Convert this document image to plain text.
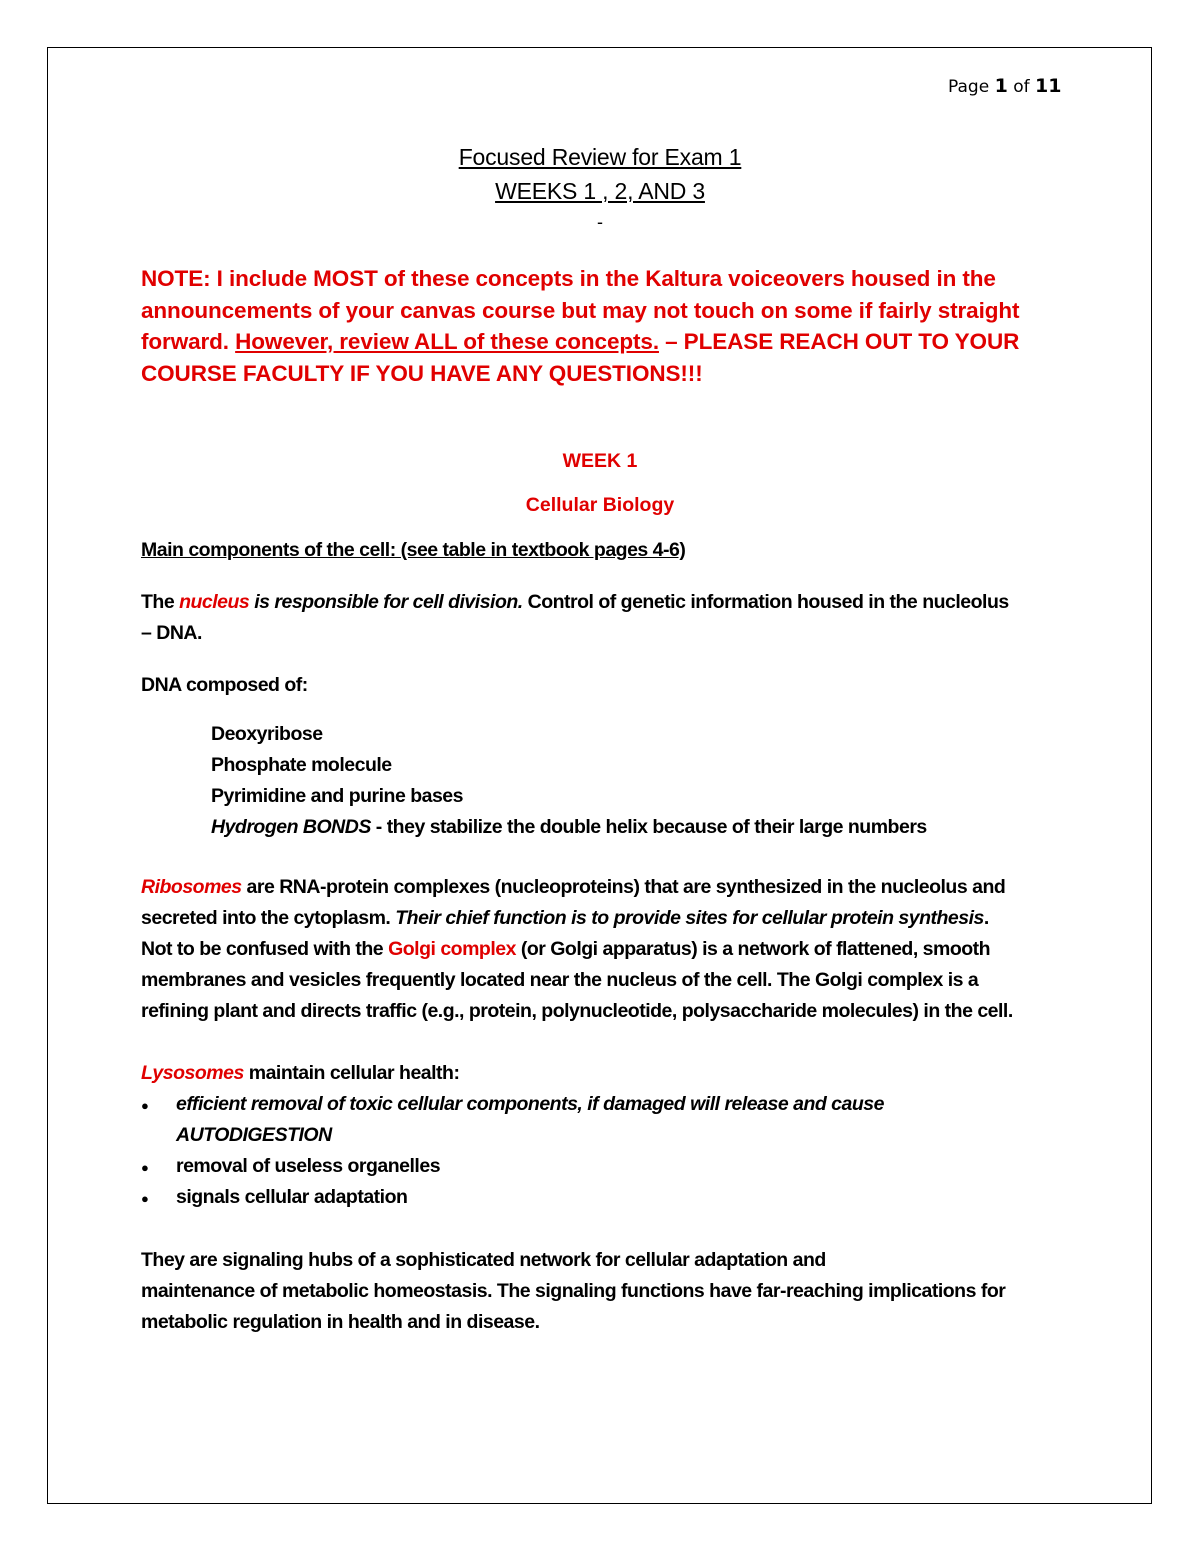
Page 1 of 11
Focused Review for Exam 1
WEEKS 1 , 2, AND 3
-
NOTE: I include MOST of these concepts in the Kaltura voiceovers housed in the announcements of your canvas course but may not touch on some if fairly straight forward. However, review ALL of these concepts. – PLEASE REACH OUT TO YOUR COURSE FACULTY IF YOU HAVE ANY QUESTIONS!!!
WEEK 1
Cellular Biology
Main components of the cell: (see table in textbook pages 4-6)
The nucleus is responsible for cell division. Control of genetic information housed in the nucleolus
– DNA.
DNA composed of:
Deoxyribose
Phosphate molecule
Pyrimidine and purine bases
Hydrogen BONDS - they stabilize the double helix because of their large numbers
Ribosomes are RNA-protein complexes (nucleoproteins) that are synthesized in the nucleolus and
secreted into the cytoplasm. Their chief function is to provide sites for cellular protein synthesis.
Not to be confused with the Golgi complex (or Golgi apparatus) is a network of flattened, smooth
membranes and vesicles frequently located near the nucleus of the cell. The Golgi complex is a
refining plant and directs traffic (e.g., protein, polynucleotide, polysaccharide molecules) in the cell.
Lysosomes maintain cellular health:
● efficient removal of toxic cellular components, if damaged will release and cause
AUTODIGESTION
● removal of useless organelles
● signals cellular adaptation
They are signaling hubs of a sophisticated network for cellular adaptation and
maintenance of metabolic homeostasis. The signaling functions have far-reaching implications for
metabolic regulation in health and in disease.
